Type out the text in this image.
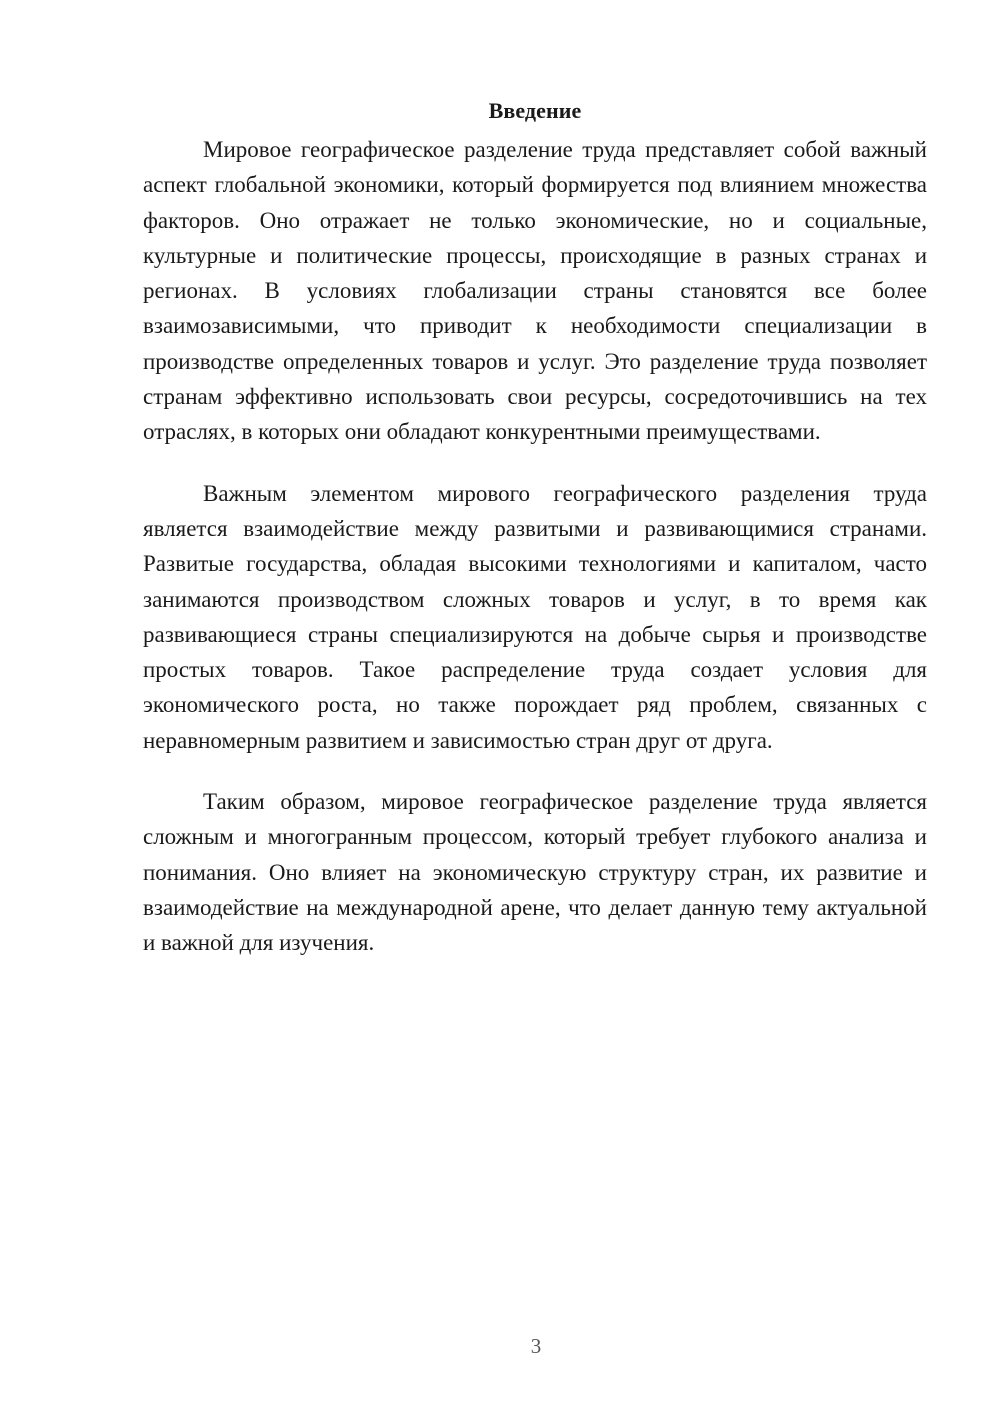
Введение

Мировое географическое разделение труда представляет собой важный аспект глобальной экономики, который формируется под влиянием множества факторов. Оно отражает не только экономические, но и социальные, культурные и политические процессы, происходящие в разных странах и регионах. В условиях глобализации страны становятся все более взаимозависимыми, что приводит к необходимости специализации в производстве определенных товаров и услуг. Это разделение труда позволяет странам эффективно использовать свои ресурсы, сосредоточившись на тех отраслях, в которых они обладают конкурентными преимуществами.

Важным элементом мирового географического разделения труда является взаимодействие между развитыми и развивающимися странами. Развитые государства, обладая высокими технологиями и капиталом, часто занимаются производством сложных товаров и услуг, в то время как развивающиеся страны специализируются на добыче сырья и производстве простых товаров. Такое распределение труда создает условия для экономического роста, но также порождает ряд проблем, связанных с неравномерным развитием и зависимостью стран друг от друга.

Таким образом, мировое географическое разделение труда является сложным и многогранным процессом, который требует глубокого анализа и понимания. Оно влияет на экономическую структуру стран, их развитие и взаимодействие на международной арене, что делает данную тему актуальной и важной для изучения.

3
